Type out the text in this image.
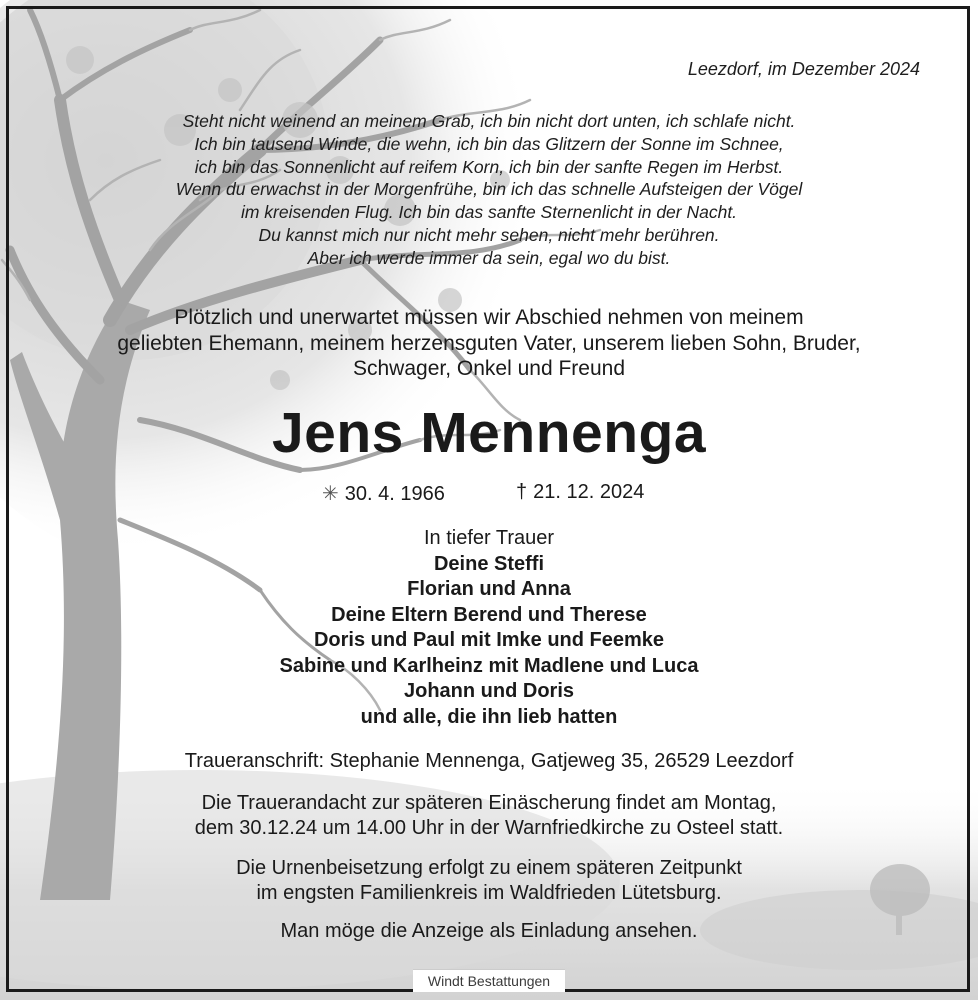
Leezdorf, im Dezember 2024
Steht nicht weinend an meinem Grab, ich bin nicht dort unten, ich schlafe nicht.
Ich bin tausend Winde, die wehn, ich bin das Glitzern der Sonne im Schnee,
ich bin das Sonnenlicht auf reifem Korn, ich bin der sanfte Regen im Herbst.
Wenn du erwachst in der Morgenfrühe, bin ich das schnelle Aufsteigen der Vögel
im kreisenden Flug. Ich bin das sanfte Sternenlicht in der Nacht.
Du kannst mich nur nicht mehr sehen, nicht mehr berühren.
Aber ich werde immer da sein, egal wo du bist.
Plötzlich und unerwartet müssen wir Abschied nehmen von meinem
geliebten Ehemann, meinem herzensguten Vater, unserem lieben Sohn, Bruder,
Schwager, Onkel und Freund
Jens Mennenga
✳ 30. 4. 1966	† 21. 12. 2024
In tiefer Trauer
Deine Steffi
Florian und Anna
Deine Eltern Berend und Therese
Doris und Paul mit Imke und Feemke
Sabine und Karlheinz mit Madlene und Luca
Johann und Doris
und alle, die ihn lieb hatten
Traueranschrift: Stephanie Mennenga, Gatjeweg 35, 26529 Leezdorf
Die Trauerandacht zur späteren Einäscherung findet am Montag,
dem 30.12.24 um 14.00 Uhr in der Warnfriedkirche zu Osteel statt.
Die Urnenbeisetzung erfolgt zu einem späteren Zeitpunkt
im engsten Familienkreis im Waldfrieden Lütetsburg.
Man möge die Anzeige als Einladung ansehen.
Windt Bestattungen
